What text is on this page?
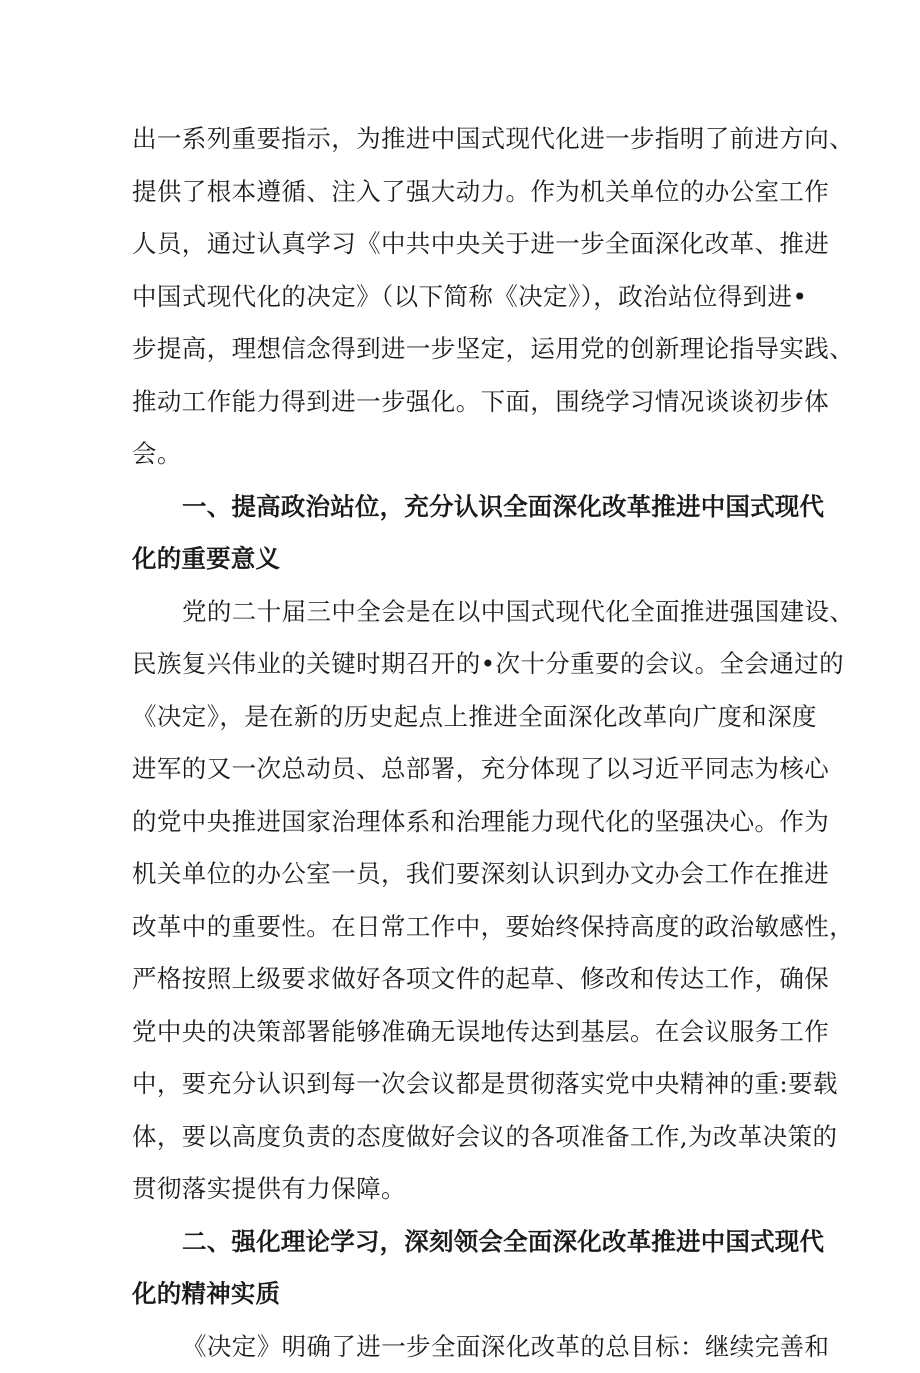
出一系列重要指示，为推进中国式现代化进一步指明了前进方向、
提供了根本遵循、注入了强大动力。作为机关单位的办公室工作
人员，通过认真学习《中共中央关于进一步全面深化改革、推进
中国式现代化的决定》（以下简称《决定》），政治站位得到进•
步提高，理想信念得到进一步坚定，运用党的创新理论指导实践、
推动工作能力得到进一步强化。下面，围绕学习情况谈谈初步体
会。
一、提高政治站位，充分认识全面深化改革推进中国式现代
化的重要意义
党的二十届三中全会是在以中国式现代化全面推进强国建设、
民族复兴伟业的关键时期召开的•次十分重要的会议。全会通过的
《决定》，是在新的历史起点上推进全面深化改革向广度和深度
进军的又一次总动员、总部署，充分体现了以习近平同志为核心
的党中央推进国家治理体系和治理能力现代化的坚强决心。作为
机关单位的办公室一员，我们要深刻认识到办文办会工作在推进
改革中的重要性。在日常工作中，要始终保持高度的政治敏感性，
严格按照上级要求做好各项文件的起草、修改和传达工作，确保
党中央的决策部署能够准确无误地传达到基层。在会议服务工作
中，要充分认识到每一次会议都是贯彻落实党中央精神的重:要载
体，要以高度负责的态度做好会议的各项准备工作,为改革决策的
贯彻落实提供有力保障。
二、强化理论学习，深刻领会全面深化改革推进中国式现代
化的精神实质
《决定》明确了进一步全面深化改革的总目标：继续完善和
